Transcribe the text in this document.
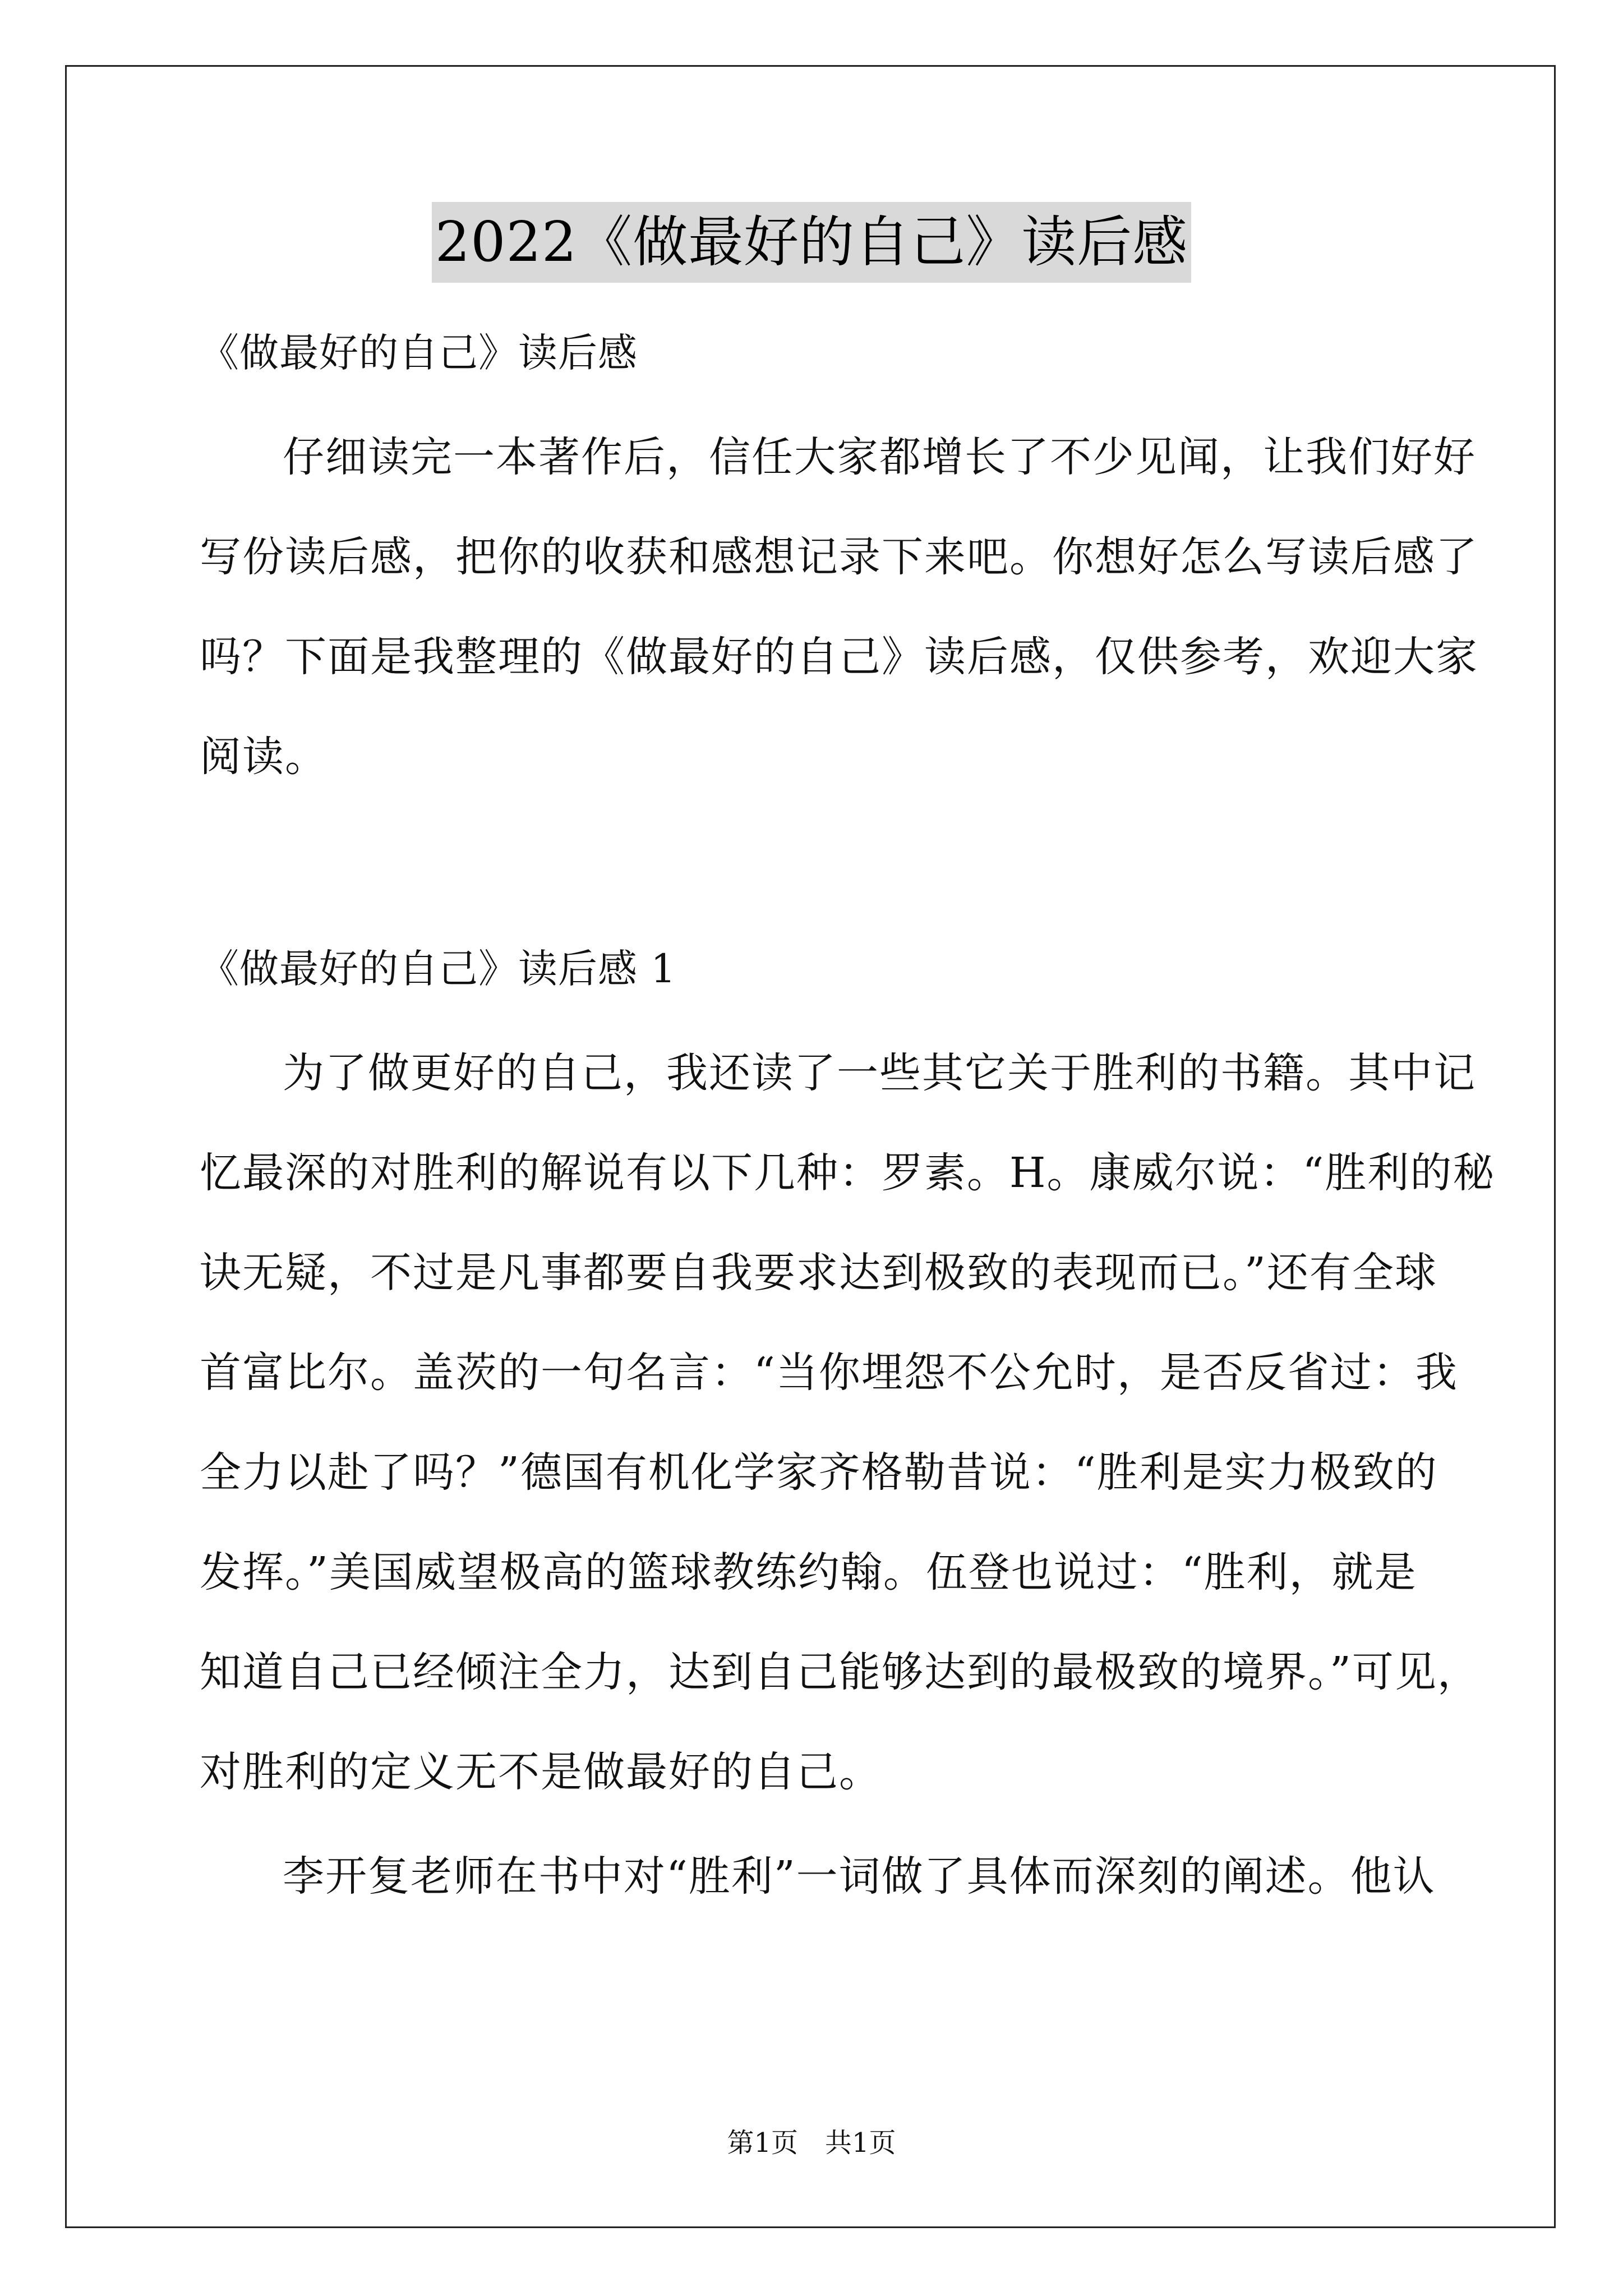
2022《做最好的自己》读后感
《做最好的自己》读后感
仔细读完一本著作后，信任大家都增长了不少见闻，让我们好好
写份读后感，把你的收获和感想记录下来吧。你想好怎么写读后感了
吗？下面是我整理的《做最好的自己》读后感，仅供参考，欢迎大家
阅读。
《做最好的自己》读后感 1
为了做更好的自己，我还读了一些其它关于胜利的书籍。其中记
忆最深的对胜利的解说有以下几种：罗素。H。康威尔说：“胜利的秘
诀无疑，不过是凡事都要自我要求达到极致的表现而已。”还有全球
首富比尔。盖茨的一句名言：“当你埋怨不公允时，是否反省过：我
全力以赴了吗？”德国有机化学家齐格勒昔说：“胜利是实力极致的
发挥。”美国威望极高的篮球教练约翰。伍登也说过：“胜利，就是
知道自己已经倾注全力，达到自己能够达到的最极致的境界。”可见，
对胜利的定义无不是做最好的自己。
李开复老师在书中对“胜利”一词做了具体而深刻的阐述。他认
第1页　共1页
